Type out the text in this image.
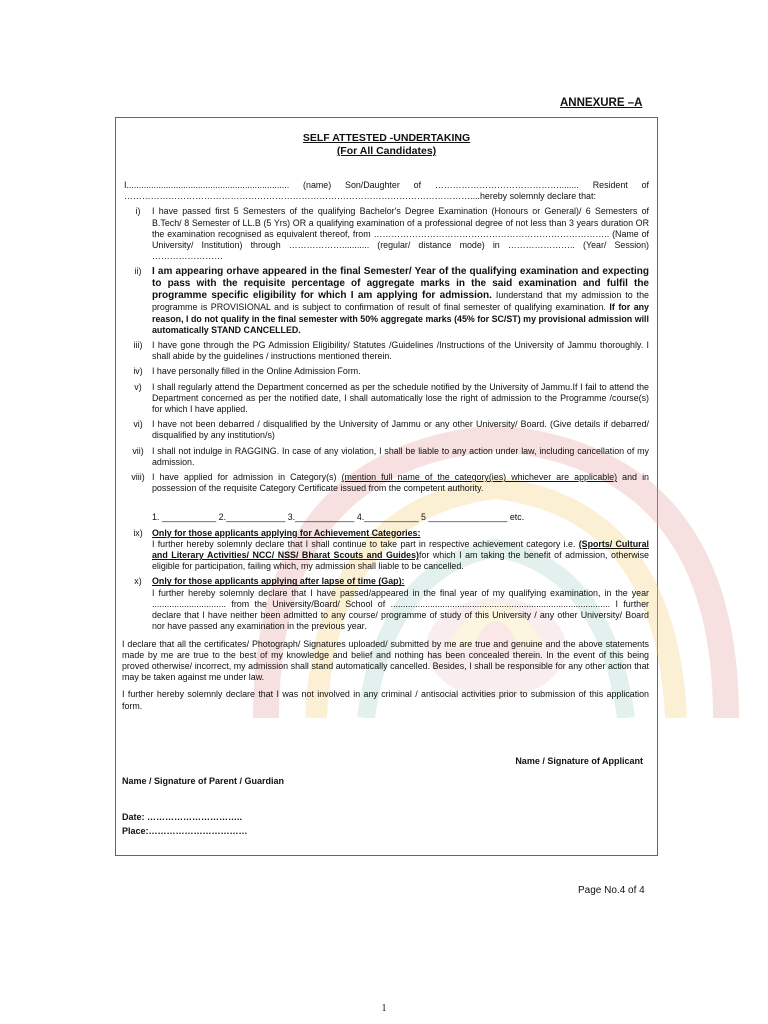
ANNEXURE –A
SELF ATTESTED -UNDERTAKING
(For All Candidates)
I.................................................................. (name) Son/Daughter of ……………………………………........ Resident of ………………………………………………………………………………………………………....hereby solemnly declare that:
i)	I have passed first 5 Semesters of the qualifying Bachelor's Degree Examination (Honours or General)/ 6 Semesters of B.Tech/ 8 Semester of LL.B (5 Yrs) OR a qualifying examination of a professional degree of not less than 3 years duration OR the examination recognised as equivalent thereof, from …………………………………………………………………….. (Name of University/ Institution) through ………………........... (regular/ distance mode) in ………………….. (Year/ Session) ……………………
ii)	I am appearing orhave appeared in the final Semester/ Year of the qualifying examination and expecting to pass with the requisite percentage of aggregate marks in the said examination and fulfil the programme specific eligibility for which I am applying for admission. Iunderstand that my admission to the programme is PROVISIONAL and is subject to confirmation of result of final semester of qualifying examination. If for any reason, I do not qualify in the final semester with 50% aggregate marks (45% for SC/ST) my provisional admission will automatically STAND CANCELLED.
iii)	I have gone through the PG Admission Eligibility/ Statutes /Guidelines /Instructions of the University of Jammu thoroughly. I shall abide by the guidelines / instructions mentioned therein.
iv)	I have personally filled in the Online Admission Form.
v)	I shall regularly attend the Department concerned as per the schedule notified by the University of Jammu.If I fail to attend the Department concerned as per the notified date, I shall automatically lose the right of admission to the Programme /course(s) for which I have applied.
vi)	I have not been debarred / disqualified by the University of Jammu or any other University/ Board. (Give details if debarred/ disqualified by any institution/s)
vii) I shall not indulge in RAGGING. In case of any violation, I shall be liable to any action under law, including cancellation of my admission.
viii) I have applied for admission in Category(s) (mention full name of the category(ies) whichever are applicable) and in possession of the requisite Category Certificate issued from the competent authority.
1. ___________ 2.____________ 3.____________ 4.___________ 5 ________________ etc.
ix)	Only for those applicants applying for Achievement Categories:
I further hereby solemnly declare that I shall continue to take part in respective achievement category i.e. (Sports/ Cultural and Literary Activities/ NCC/ NSS/ Bharat Scouts and Guides)for which I am taking the benefit of admission, otherwise eligible for participation, failing which, my admission shall liable to be cancelled.
x)	Only for those applicants applying after lapse of time (Gap):
I further hereby solemnly declare that I have passed/appeared in the final year of my qualifying examination, in the year .............................. from the University/Board/ School of ......................................................................................... I further declare that I have neither been admitted to any course/ programme of study of this University / any other University/ Board nor have passed any examination in the previous year.
I declare that all the certificates/ Photograph/ Signatures uploaded/ submitted by me are true and genuine and the above statements made by me are true to the best of my knowledge and belief and nothing has been concealed therein. In the event of this being proved otherwise/ incorrect, my admission shall stand automatically cancelled. Besides, I shall be responsible for any other action that may be taken against me under law.
I further hereby solemnly declare that I was not involved in any criminal / antisocial activities prior to submission of this application form.
Name / Signature of Applicant
Name / Signature of Parent / Guardian
Date: …………………………..
Place:……………………………
Page No.4 of 4
1
